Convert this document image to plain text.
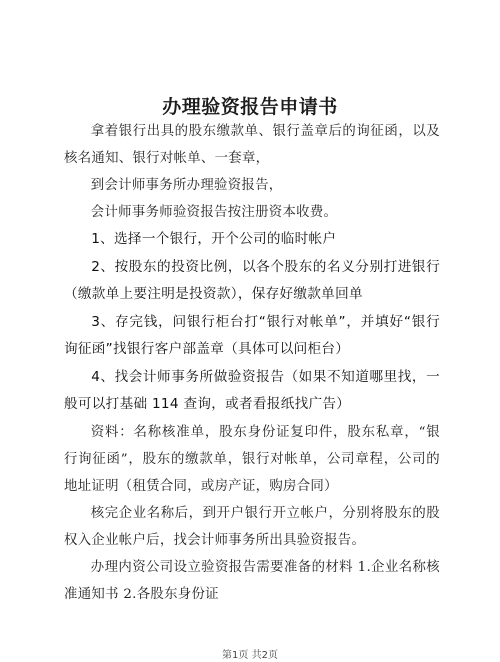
办理验资报告申请书

拿着银行出具的股东缴款单、银行盖章后的询征函，以及核名通知、银行对帐单、一套章，

到会计师事务所办理验资报告，

会计师事务师验资报告按注册资本收费。

1、选择一个银行，开个公司的临时帐户

2、按股东的投资比例，以各个股东的名义分别打进银行（缴款单上要注明是投资款），保存好缴款单回单

3、存完钱，问银行柜台打“银行对帐单”，并填好“银行询征函”找银行客户部盖章（具体可以问柜台）

4、找会计师事务所做验资报告（如果不知道哪里找，一般可以打基础 114 查询，或者看报纸找广告）

资料：名称核准单，股东身份证复印件，股东私章，“银行询征函”，股东的缴款单，银行对帐单，公司章程，公司的地址证明（租赁合同，或房产证，购房合同）

核完企业名称后，到开户银行开立帐户，分别将股东的股权入企业帐户后，找会计师事务所出具验资报告。

办理内资公司设立验资报告需要准备的材料 1.企业名称核准通知书 2.各股东身份证

第1页 共2页
